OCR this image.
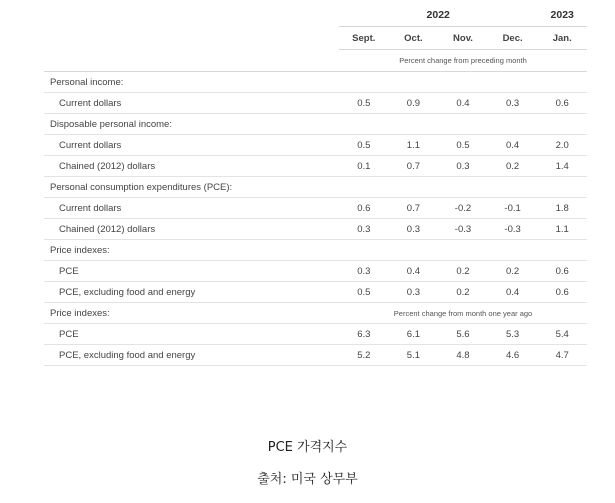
	2022				2023
	Sept.	Oct.	Nov.	Dec.	Jan.
	Percent change from preceding month				
Personal income:					
Current dollars	0.5	0.9	0.4	0.3	0.6
Disposable personal income:					
Current dollars	0.5	1.1	0.5	0.4	2.0
Chained (2012) dollars	0.1	0.7	0.3	0.2	1.4
Personal consumption expenditures (PCE):					
Current dollars	0.6	0.7	-0.2	-0.1	1.8
Chained (2012) dollars	0.3	0.3	-0.3	-0.3	1.1
Price indexes:					
PCE	0.3	0.4	0.2	0.2	0.6
PCE, excluding food and energy	0.5	0.3	0.2	0.4	0.6
Price indexes:	Percent change from month one year ago				
PCE	6.3	6.1	5.6	5.3	5.4
PCE, excluding food and energy	5.2	5.1	4.8	4.6	4.7
PCE 가격지수
출처: 미국 상무부
